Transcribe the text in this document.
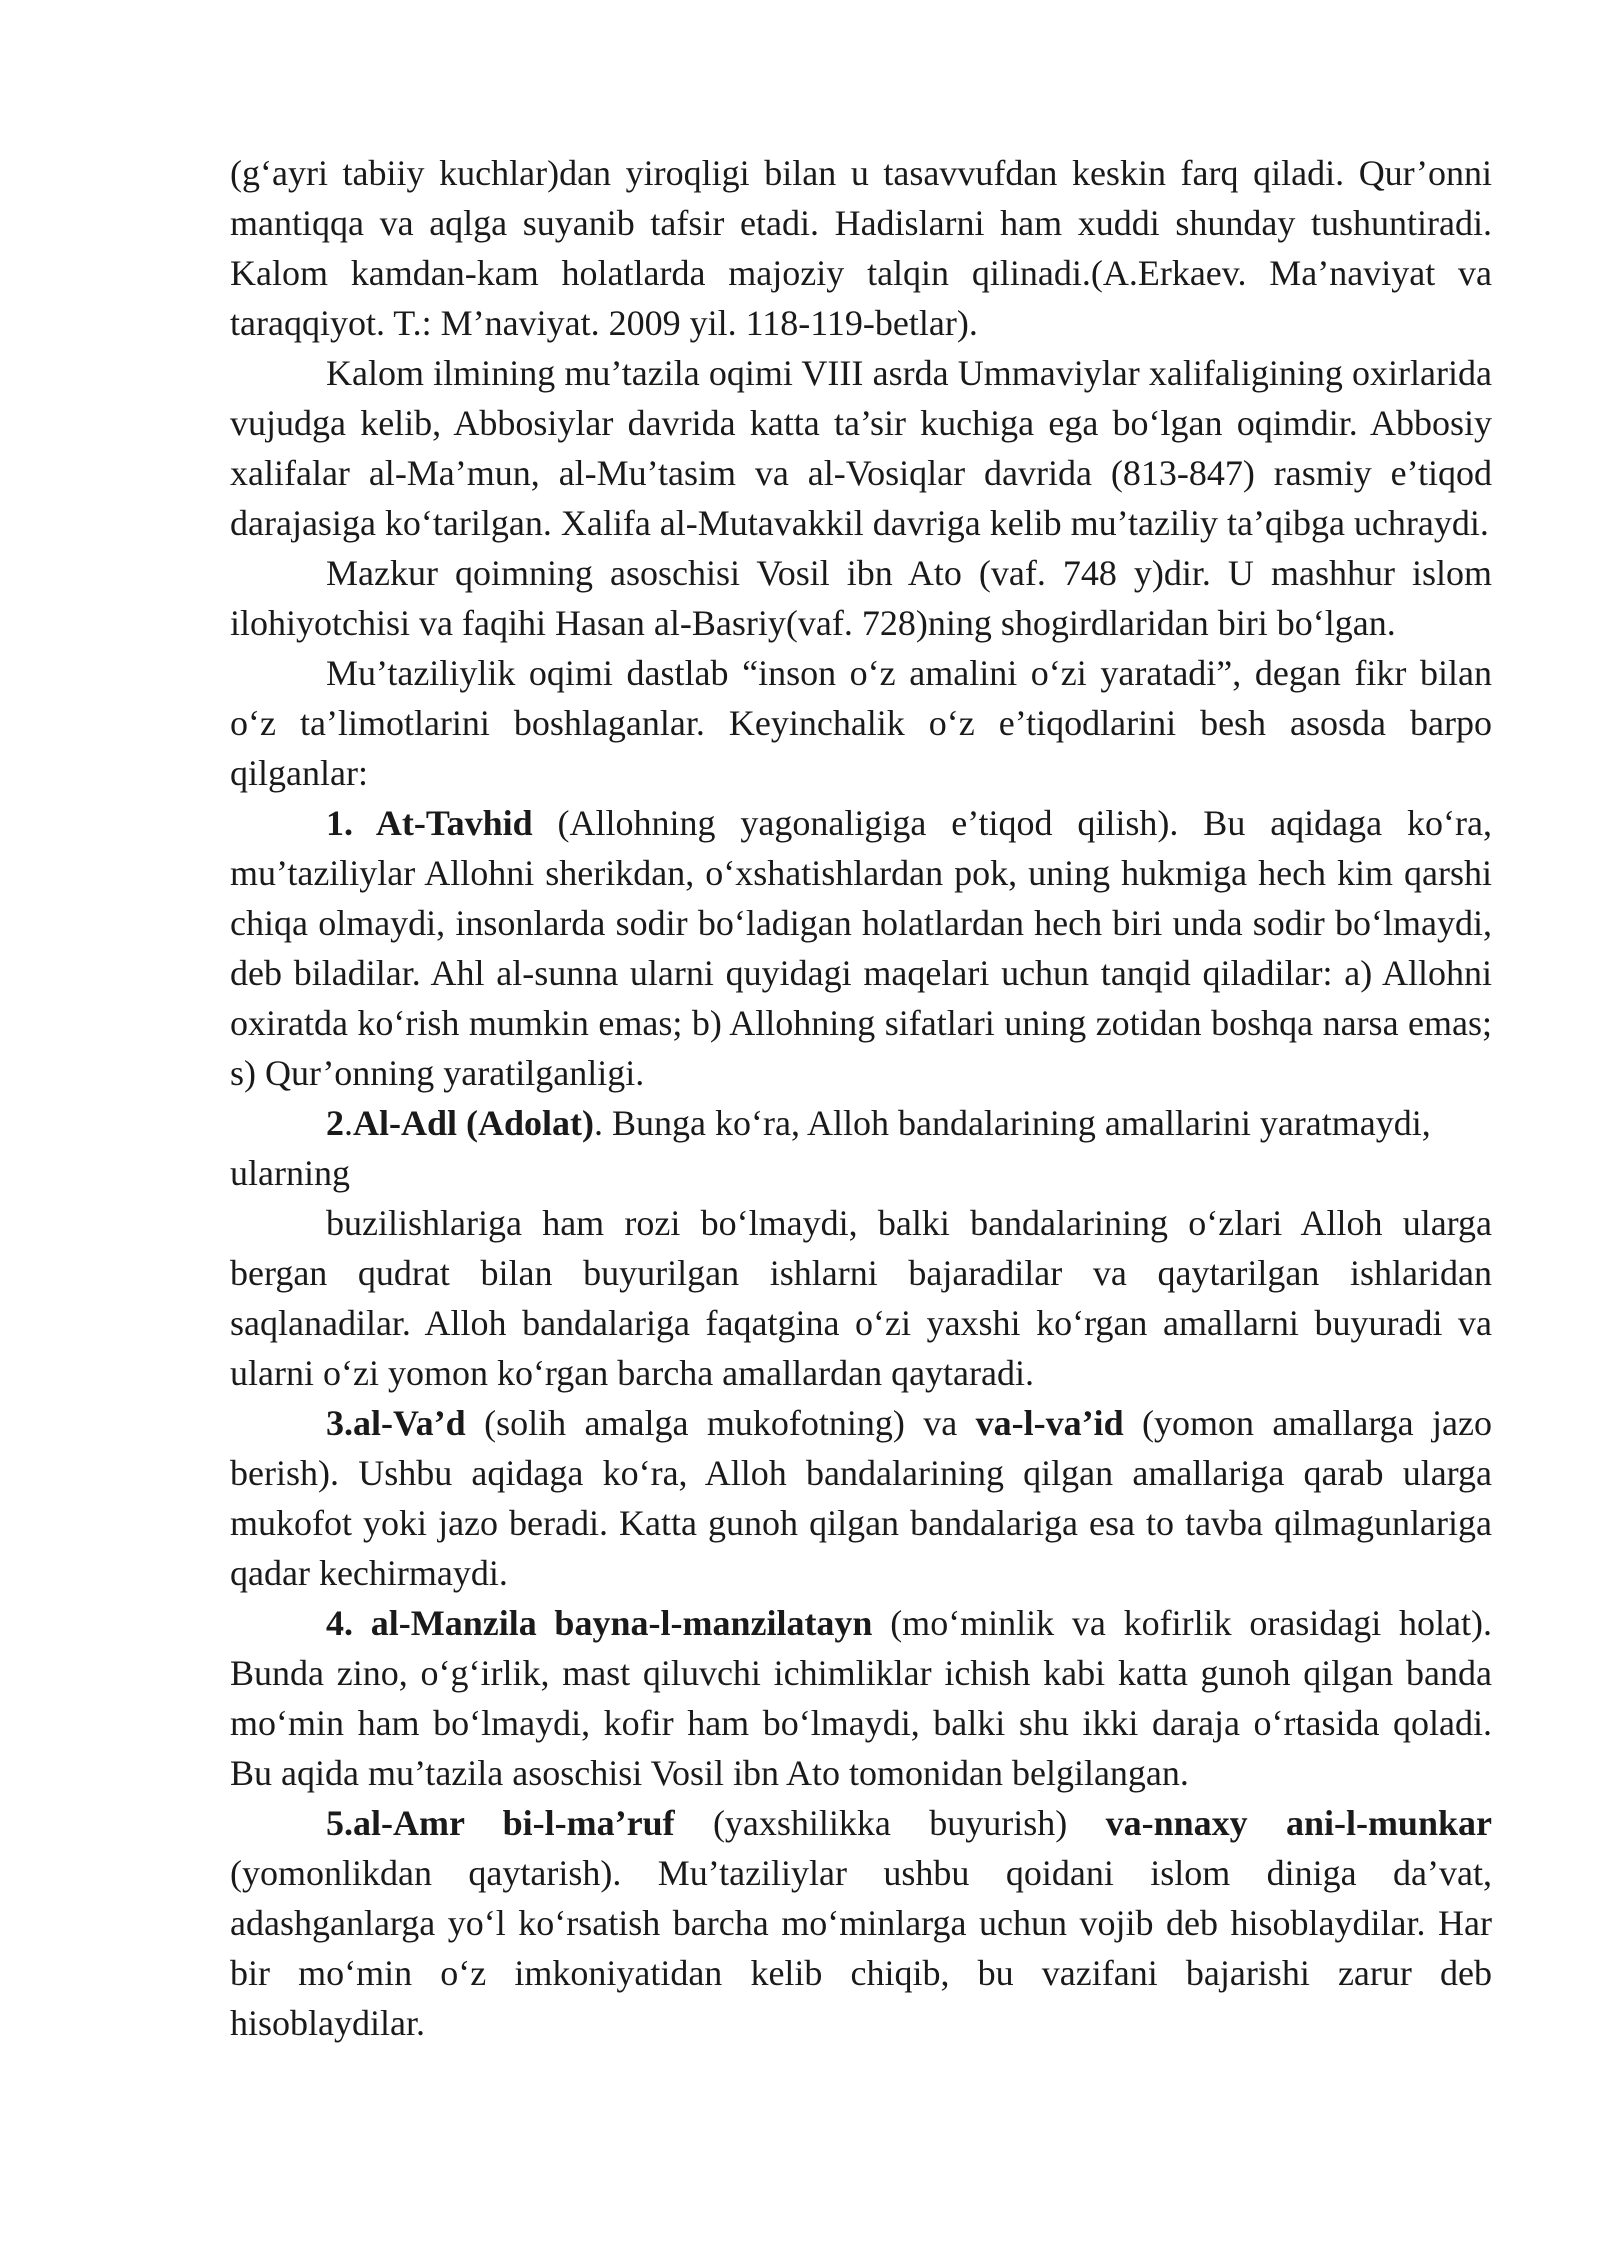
(g‘ayri tabiiy kuchlar)dan yiroqligi bilan u tasavvufdan keskin farq qiladi. Qur’onni mantiqqa va aqlga suyanib tafsir etadi. Hadislarni ham xuddi shunday tushuntiradi. Kalom kamdan-kam holatlarda majoziy talqin qilinadi.(A.Erkaev. Ma’naviyat va taraqqiyot. T.: M’naviyat. 2009 yil. 118-119-betlar).

Kalom ilmining mu’tazila oqimi VIII asrda Ummaviylar xalifaligining oxirlarida vujudga kelib, Abbosiylar davrida katta ta’sir kuchiga ega bo‘lgan oqimdir. Abbosiy xalifalar al-Ma’mun, al-Mu’tasim va al-Vosiqlar davrida (813-847) rasmiy e’tiqod darajasiga ko‘tarilgan. Xalifa al-Mutavakkil davriga kelib mu’taziliy ta’qibga uchraydi.

Mazkur qoimning asoschisi Vosil ibn Ato (vaf. 748 y)dir. U mashhur islom ilohiyotchisi va faqihi Hasan al-Basriy(vaf. 728)ning shogirdlaridan biri bo‘lgan.

Mu’taziliylik oqimi dastlab “inson o‘z amalini o‘zi yaratadi”, degan fikr bilan o‘z ta’limotlarini boshlaganlar. Keyinchalik o‘z e’tiqodlarini besh asosda barpo qilganlar:

1. At-Tavhid (Allohning yagonaligiga e’tiqod qilish). Bu aqidaga ko‘ra, mu’taziliylar Allohni sherikdan, o‘xshatishlardan pok, uning hukmiga hech kim qarshi chiqa olmaydi, insonlarda sodir bo‘ladigan holatlardan hech biri unda sodir bo‘lmaydi, deb biladilar. Ahl al-sunna ularni quyidagi maqelari uchun tanqid qiladilar: a) Allohni oxiratda ko‘rish mumkin emas; b) Allohning sifatlari uning zotidan boshqa narsa emas; s) Qur’onning yaratilganligi.

2.Al-Adl (Adolat). Bunga ko‘ra, Alloh bandalarining amallarini yaratmaydi, ularning

buzilishlariga ham rozi bo‘lmaydi, balki bandalarining o‘zlari Alloh ularga bergan qudrat bilan buyurilgan ishlarni bajaradilar va qaytarilgan ishlaridan saqlanadilar. Alloh bandalariga faqatgina o‘zi yaxshi ko‘rgan amallarni buyuradi va ularni o‘zi yomon ko‘rgan barcha amallardan qaytaradi.

3.al-Va’d (solih amalga mukofotning) va va-l-va’id (yomon amallarga jazo berish). Ushbu aqidaga ko‘ra, Alloh bandalarining qilgan amallariga qarab ularga mukofot yoki jazo beradi. Katta gunoh qilgan bandalariga esa to tavba qilmagunlariga qadar kechirmaydi.

4. al-Manzila bayna-l-manzilatayn (mo‘minlik va kofirlik orasidagi holat). Bunda zino, o‘g‘irlik, mast qiluvchi ichimliklar ichish kabi katta gunoh qilgan banda mo‘min ham bo‘lmaydi, kofir ham bo‘lmaydi, balki shu ikki daraja o‘rtasida qoladi. Bu aqida mu’tazila asoschisi Vosil ibn Ato tomonidan belgilangan.

5.al-Amr bi-l-ma’ruf (yaxshilikka buyurish) va-nnaxy ani-l-munkar (yomonlikdan qaytarish). Mu’taziliylar ushbu qoidani islom diniga da’vat, adashganlarga yo‘l ko‘rsatish barcha mo‘minlarga uchun vojib deb hisoblaydilar. Har bir mo‘min o‘z imkoniyatidan kelib chiqib, bu vazifani bajarishi zarur deb hisoblaydilar.
